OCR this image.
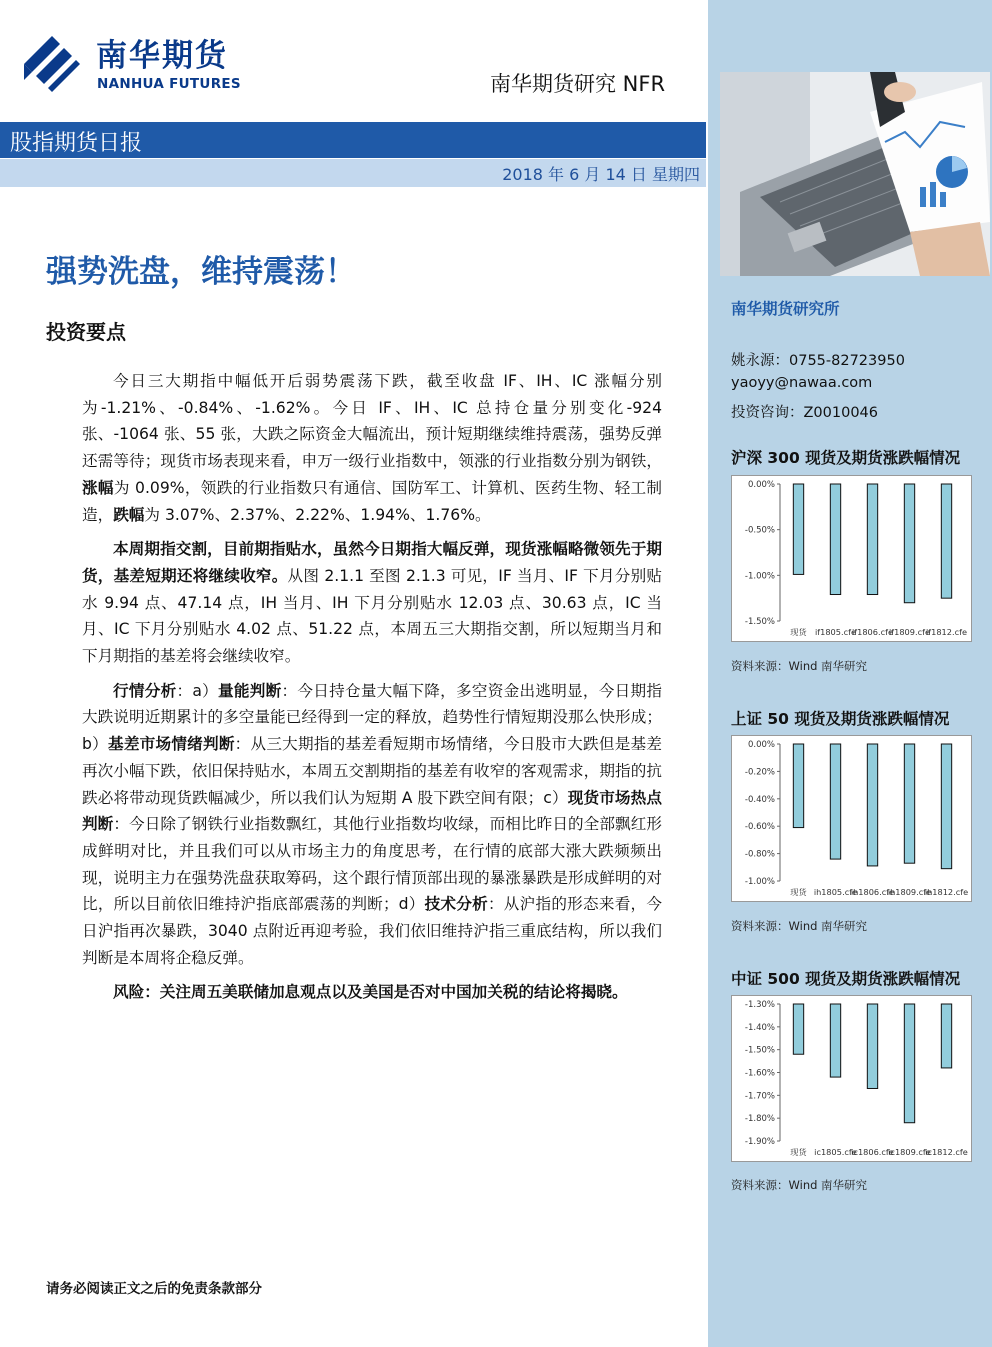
南华期货
NANHUA FUTURES	南华期货研究 NFR
股指期货日报
2018 年 6 月 14 日 星期四
强势洗盘，维持震荡！
投资要点

今日三大期指中幅低开后弱势震荡下跌，截至收盘 IF、IH、IC 涨幅分别为-1.21%、-0.84%、-1.62%。今日 IF、IH、IC 总持仓量分别变化-924 张、-1064 张、55 张，大跌之际资金大幅流出，预计短期继续维持震荡，强势反弹还需等待；现货市场表现来看，申万一级行业指数中，领涨的行业指数分别为钢铁，涨幅为 0.09%，领跌的行业指数只有通信、国防军工、计算机、医药生物、轻工制造，跌幅为 3.07%、2.37%、2.22%、1.94%、1.76%。

本周期指交割，目前期指贴水，虽然今日期指大幅反弹，现货涨幅略微领先于期货，基差短期还将继续收窄。从图 2.1.1 至图 2.1.3 可见，IF 当月、IF 下月分别贴水 9.94 点、47.14 点，IH 当月、IH 下月分别贴水 12.03 点、30.63 点，IC 当月、IC 下月分别贴水 4.02 点、51.22 点，本周五三大期指交割，所以短期当月和下月期指的基差将会继续收窄。

行情分析：a）量能判断：今日持仓量大幅下降，多空资金出逃明显，今日期指大跌说明近期累计的多空量能已经得到一定的释放，趋势性行情短期没那么快形成；b）基差市场情绪判断：从三大期指的基差看短期市场情绪，今日股市大跌但是基差再次小幅下跌，依旧保持贴水，本周五交割期指的基差有收窄的客观需求，期指的抗跌必将带动现货跌幅减少，所以我们认为短期 A 股下跌空间有限；c）现货市场热点判断：今日除了钢铁行业指数飘红，其他行业指数均收绿，而相比昨日的全部飘红形成鲜明对比，并且我们可以从市场主力的角度思考，在行情的底部大涨大跌频频出现，说明主力在强势洗盘获取筹码，这个跟行情顶部出现的暴涨暴跌是形成鲜明的对比，所以目前依旧维持沪指底部震荡的判断；d）技术分析：从沪指的形态来看，今日沪指再次暴跌，3040 点附近再迎考验，我们依旧维持沪指三重底结构，所以我们判断是本周将企稳反弹。

风险：关注周五美联储加息观点以及美国是否对中国加关税的结论将揭晓。

请务必阅读正文之后的免责条款部分
南华期货研究所
姚永源：0755-82723950
yaoyy@nawaa.com
投资咨询：Z0010046
沪深 300 现货及期货涨跌幅情况
0.00%
-0.50%
-1.00%
-1.50%
现货 if1805.cfe
if1806.cfe
if1809.cfe
if1812.cfe
资料来源：Wind 南华研究
上证 50 现货及期货涨跌幅情况
0.00%
-0.20%
-0.40%
-0.60%
-0.80%
-1.00%
现货 ih1805.cfe
ih1806.cfe
ih1809.cfe
ih1812.cfe
资料来源：Wind 南华研究
中证 500 现货及期货涨跌幅情况
-1.30%
-1.40%
-1.50%
-1.60%
-1.70%
-1.80%
-1.90%
现货 ic1805.cfe
ic1806.cfe
ic1809.cfe
ic1812.cfe
资料来源：Wind 南华研究
